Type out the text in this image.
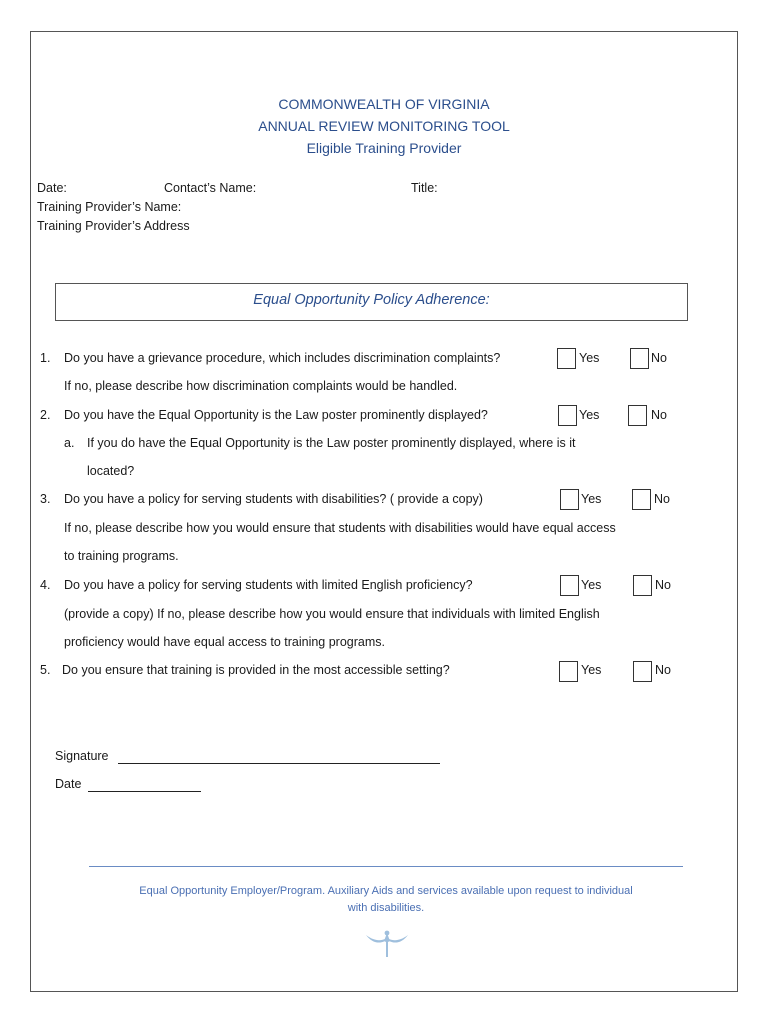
COMMONWEALTH OF VIRGINIA
ANNUAL REVIEW MONITORING TOOL
Eligible Training Provider
Date:	Contact’s Name:	Title:
Training Provider’s Name:
Training Provider’s Address
Equal Opportunity Policy Adherence:
1. Do you have a grievance procedure, which includes discrimination complaints?	Yes	No
If no, please describe how discrimination complaints would be handled.
2. Do you have the Equal Opportunity is the Law poster prominently displayed?	Yes	No
a. If you do have the Equal Opportunity is the Law poster prominently displayed, where is it
located?
3. Do you have a policy for serving students with disabilities? ( provide a copy)	Yes	No
If no, please describe how you would ensure that students with disabilities would have equal access
to training programs.
4. Do you have a policy for serving students with limited English proficiency?	Yes	No
(provide a copy) If no, please describe how you would ensure that individuals with limited English
proficiency would have equal access to training programs.
5. Do you ensure that training is provided in the most accessible setting?	Yes	No
Signature
Date
Equal Opportunity Employer/Program. Auxiliary Aids and services available upon request to individual
with disabilities.
